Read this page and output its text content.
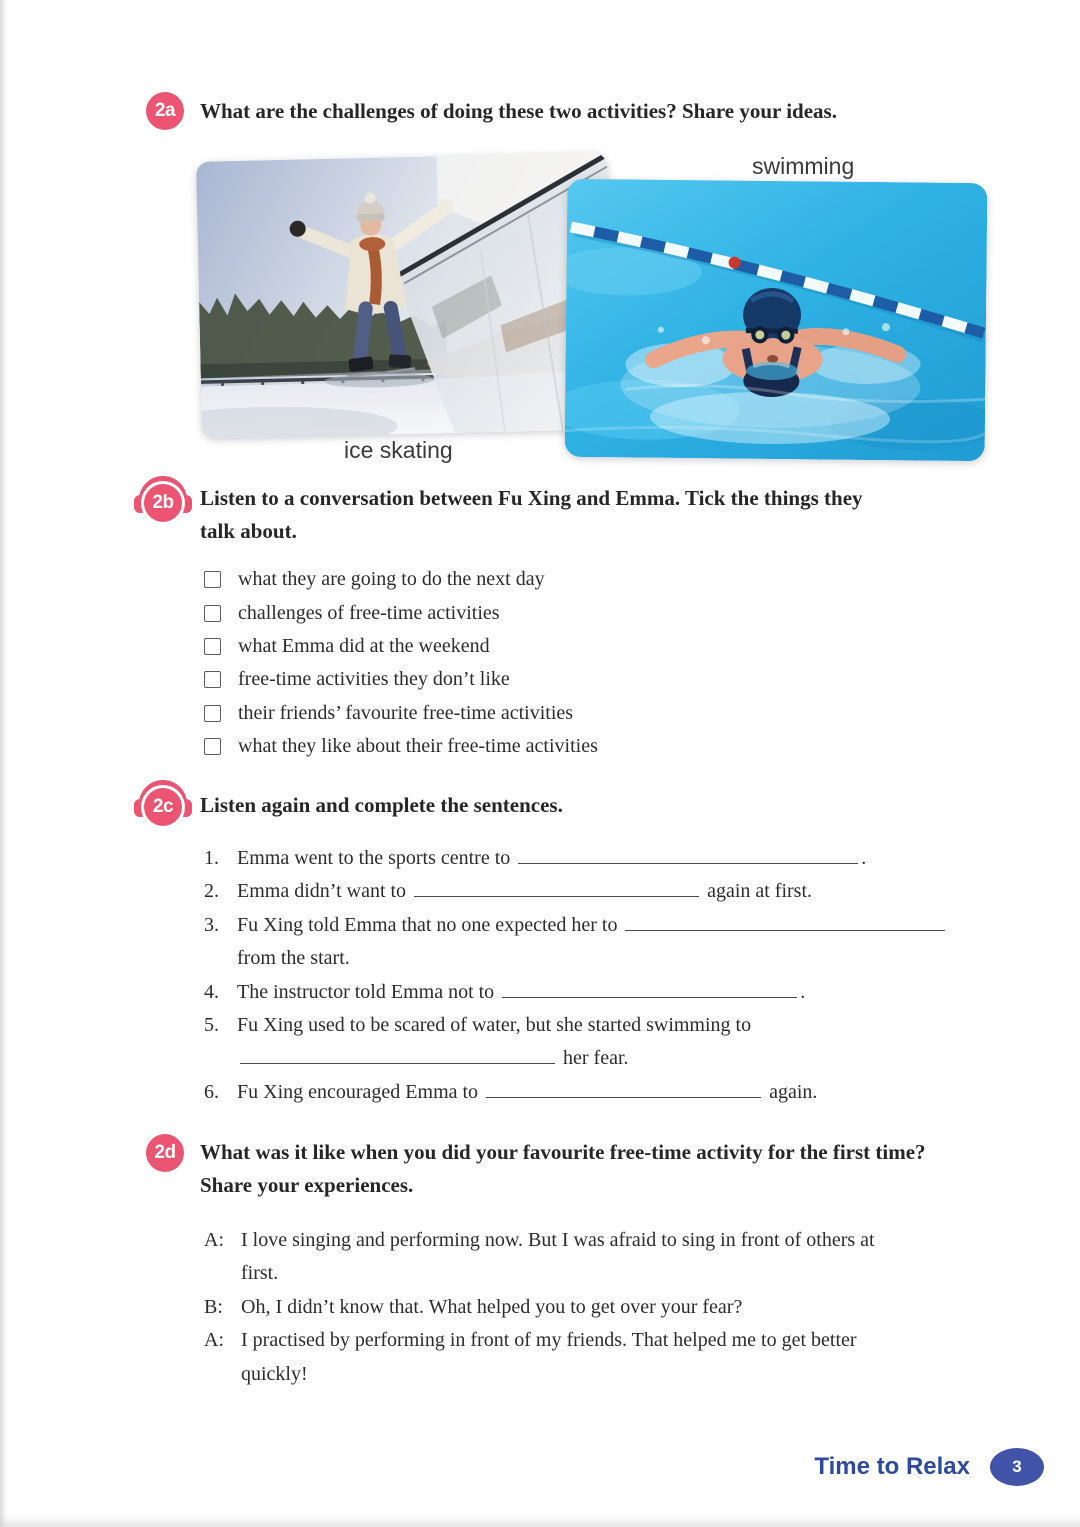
2a	What are the challenges of doing these two activities? Share your ideas.
swimming
ice skating
2b	Listen to a conversation between Fu Xing and Emma. Tick the things they talk about.
what they are going to do the next day
challenges of free-time activities
what Emma did at the weekend
free-time activities they don’t like
their friends’ favourite free-time activities
what they like about their free-time activities
2c	Listen again and complete the sentences.
1. Emma went to the sports centre to	.
2. Emma didn’t want to	again at first.
3. Fu Xing told Emma that no one expected her to
from the start.
4. The instructor told Emma not to	.
5. Fu Xing used to be scared of water, but she started swimming to
her fear.
6. Fu Xing encouraged Emma to	again.
2d	What was it like when you did your favourite free-time activity for the first time? Share your experiences.
A: I love singing and performing now. But I was afraid to sing in front of others at first.
B: Oh, I didn’t know that. What helped you to get over your fear?
A: I practised by performing in front of my friends. That helped me to get better quickly!
Time to Relax 3
